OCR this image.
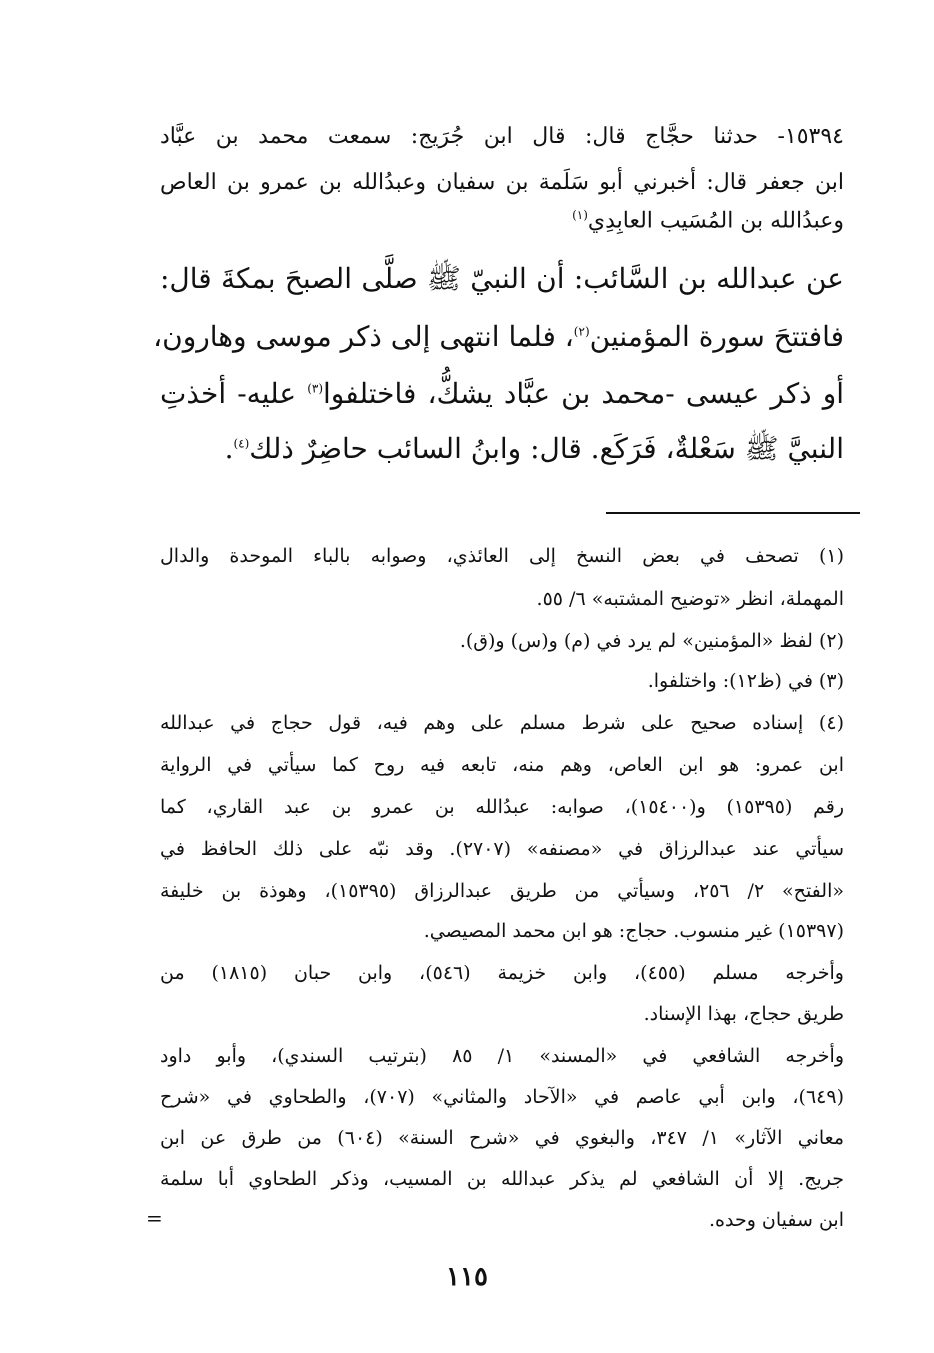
١٥٣٩٤- حدثنا حجَّاج قال: قال ابن جُرَيج: سمعت محمد بن عبَّاد
ابن جعفر قال: أخبرني أبو سَلَمة بن سفيان وعبدُالله بن عمرو بن العاص
وعبدُالله بن المُسَيب العابِدِي$^{(١)}$
عن عبدالله بن السَّائب: أن النبيّ ﷺ صلَّى الصبحَ بمكةَ قال:
فافتتحَ سورة المؤمنين$^{(٢)}$، فلما انتهى إلى ذكر موسى وهارون،
أو ذكر عيسى -محمد بن عبَّاد يشكُّ، فاختلفوا$^{(٣)}$ عليه- أخذتِ
النبيَّ ﷺ سَعْلةٌ، فَرَكَع. قال: وابنُ السائب حاضِرٌ ذلك$^{(٤)}$.
(١) تصحف في بعض النسخ إلى العائذي، وصوابه بالباء الموحدة والدال
المهملة، انظر «توضيح المشتبه» ٦/ ٥٥.
(٢) لفظ «المؤمنين» لم يرد في (م) و(س) و(ق).
(٣) في (ظ١٢): واختلفوا.
(٤) إسناده صحيح على شرط مسلم على وهم فيه، قول حجاج في عبدالله
ابن عمرو: هو ابن العاص، وهم منه، تابعه فيه روح كما سيأتي في الرواية
رقم (١٥٣٩٥) و(١٥٤٠٠)، صوابه: عبدُالله بن عمرو بن عبد القاري، كما
سيأتي عند عبدالرزاق في «مصنفه» (٢٧٠٧). وقد نبّه على ذلك الحافظ في
«الفتح» ٢/ ٢٥٦، وسيأتي من طريق عبدالرزاق (١٥٣٩٥)، وهوذة بن خليفة
(١٥٣٩٧) غير منسوب. حجاج: هو ابن محمد المصيصي.
وأخرجه مسلم (٤٥٥)، وابن خزيمة (٥٤٦)، وابن حبان (١٨١٥) من
طريق حجاج، بهذا الإسناد.
وأخرجه الشافعي في «المسند» ١/ ٨٥ (بترتيب السندي)، وأبو داود
(٦٤٩)، وابن أبي عاصم في «الآحاد والمثاني» (٧٠٧)، والطحاوي في «شرح
معاني الآثار» ١/ ٣٤٧، والبغوي في «شرح السنة» (٦٠٤) من طرق عن ابن
جريج. إلا أن الشافعي لم يذكر عبدالله بن المسيب، وذكر الطحاوي أبا سلمة
ابن سفيان وحده.
=
١١٥
